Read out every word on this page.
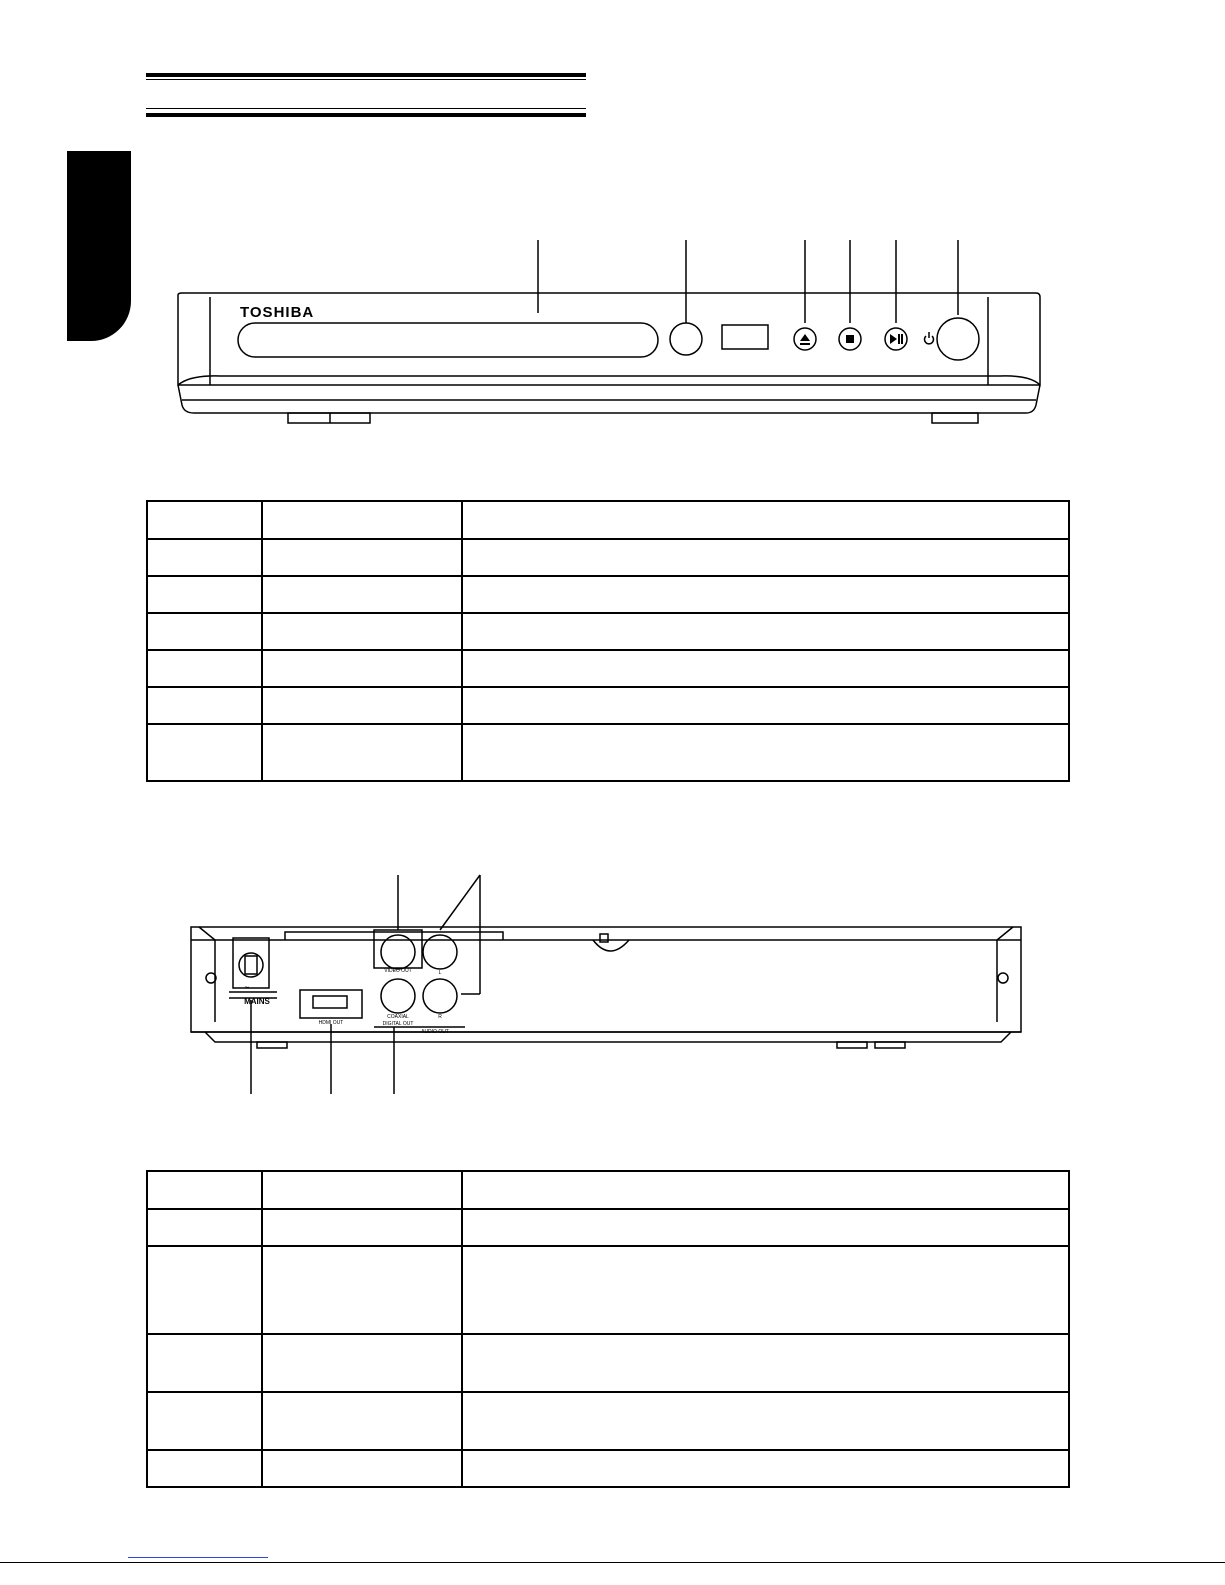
TOSHIBA

MAINS
~
HDMI OUT
VIDEO OUT	L
R
COAXIAL
DIGITAL OUT
AUDIO OUT
